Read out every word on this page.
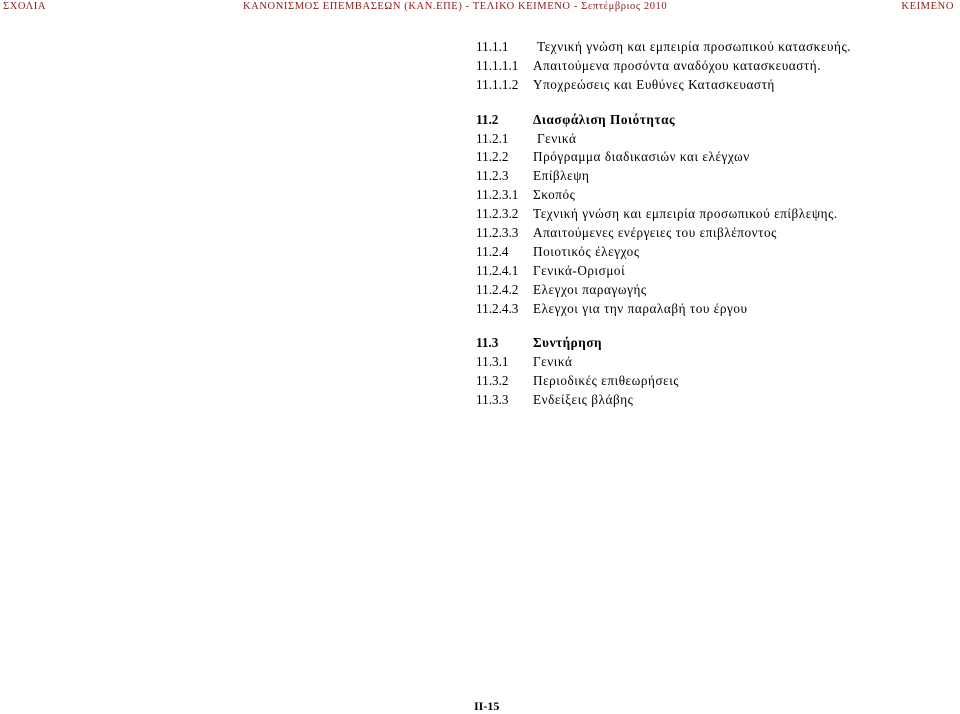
ΣΧΟΛΙΑ	ΚΑΝΟΝΙΣΜΟΣ ΕΠΕΜΒΑΣΕΩΝ (ΚΑΝ.ΕΠΕ) - ΤΕΛΙΚΟ ΚΕΙΜΕΝΟ - Σεπτέμβριος 2010	ΚΕΙΜΕΝΟ
11.1.1 Τεχνική γνώση και εμπειρία προσωπικού κατασκευής.
11.1.1.1 Απαιτούμενα προσόντα αναδόχου κατασκευαστή.
11.1.1.2 Υποχρεώσεις και Ευθύνες Κατασκευαστή
11.2	Διασφάλιση Ποιότητας
11.2.1 Γενικά
11.2.2 Πρόγραμμα διαδικασιών και ελέγχων
11.2.3 Επίβλεψη
11.2.3.1 Σκοπός
11.2.3.2 Τεχνική γνώση και εμπειρία προσωπικού επίβλεψης.
11.2.3.3 Απαιτούμενες ενέργειες του επιβλέποντος
11.2.4 Ποιοτικός έλεγχος
11.2.4.1 Γενικά-Ορισμοί
11.2.4.2 Ελεγχοι παραγωγής
11.2.4.3 Ελεγχοι για την παραλαβή του έργου
11.3	Συντήρηση
11.3.1 Γενικά
11.3.2 Περιοδικές επιθεωρήσεις
11.3.3 Ενδείξεις βλάβης
ΙΙ-15
